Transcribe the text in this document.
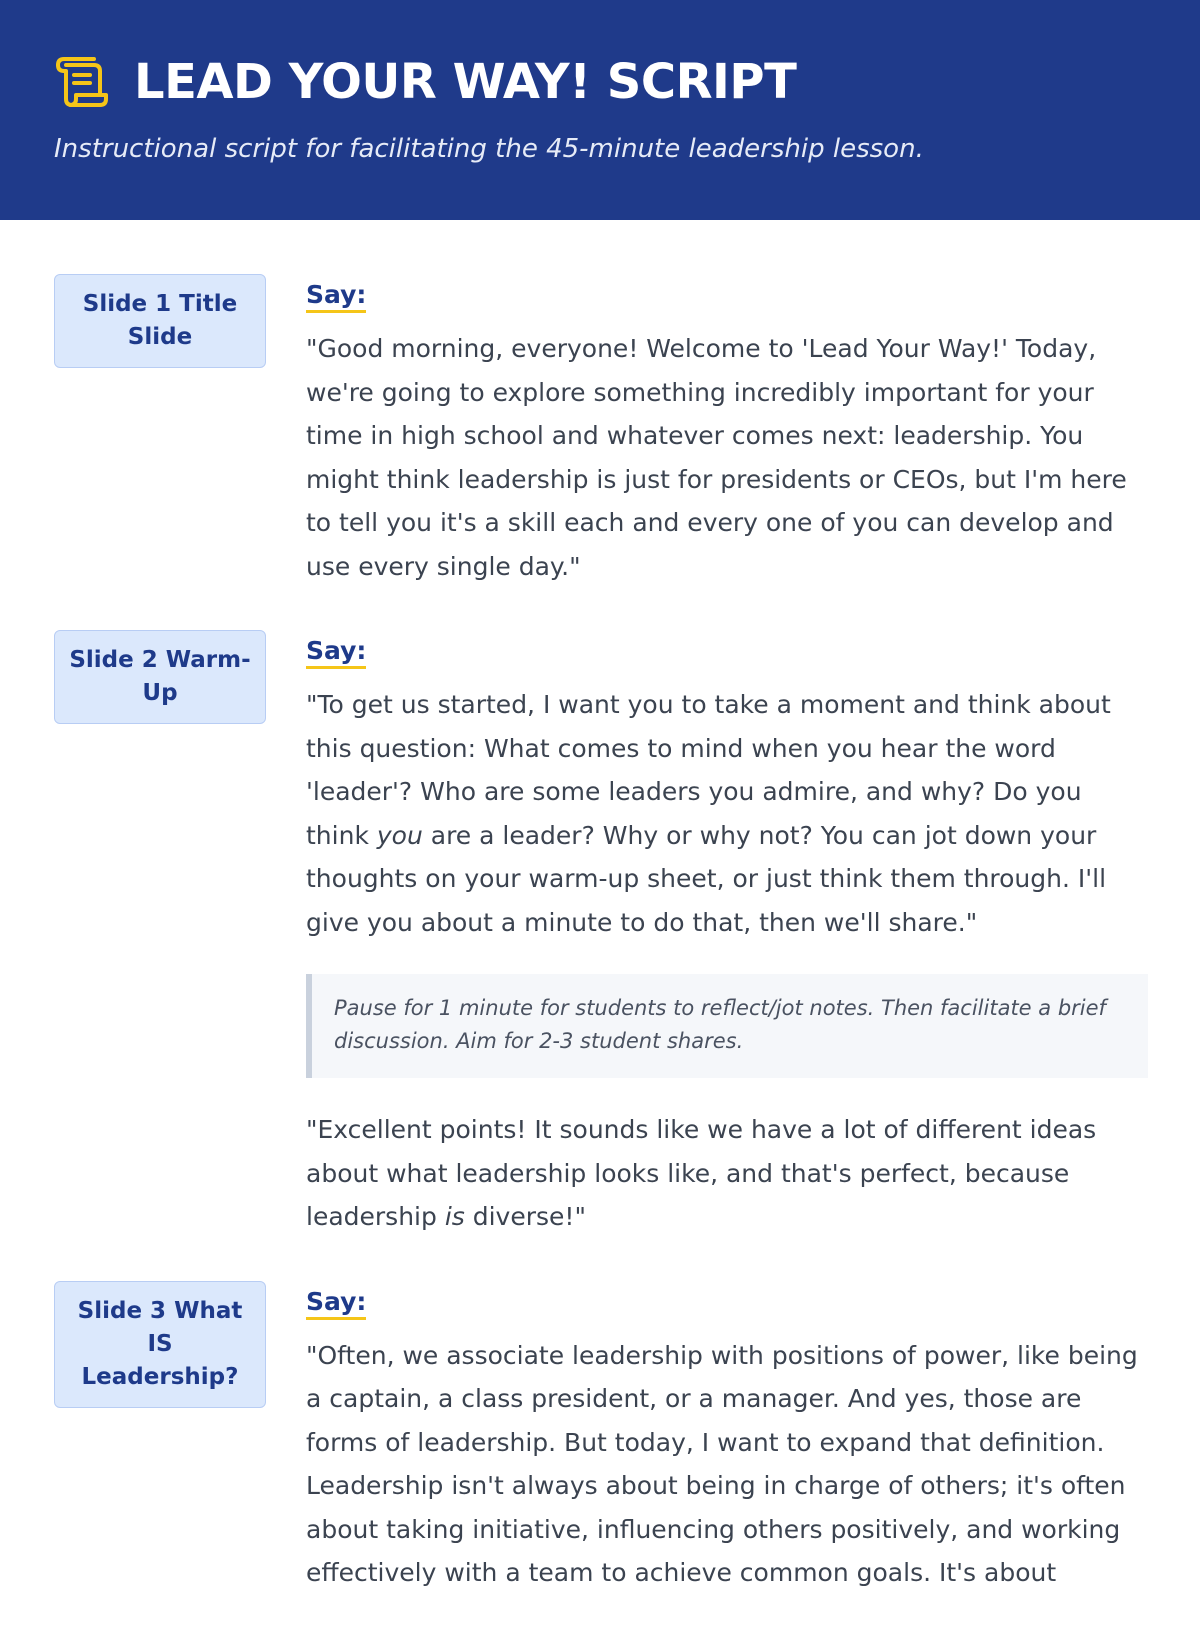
LEAD YOUR WAY! SCRIPT
Instructional script for facilitating the 45-minute leadership lesson.
Slide 1 Title Slide
Say:

"Good morning, everyone! Welcome to 'Lead Your Way!' Today, we're going to explore something incredibly important for your time in high school and whatever comes next: leadership. You might think leadership is just for presidents or CEOs, but I'm here to tell you it's a skill each and every one of you can develop and use every single day."

Slide 2 Warm-Up
Say:

"To get us started, I want you to take a moment and think about this question: What comes to mind when you hear the word 'leader'? Who are some leaders you admire, and why? Do you think you are a leader? Why or why not? You can jot down your thoughts on your warm-up sheet, or just think them through. I'll give you about a minute to do that, then we'll share."

Pause for 1 minute for students to reflect/jot notes. Then facilitate a brief discussion. Aim for 2-3 student shares.

"Excellent points! It sounds like we have a lot of different ideas about what leadership looks like, and that's perfect, because leadership is diverse!"

Slide 3 What IS Leadership?
Say:

"Often, we associate leadership with positions of power, like being a captain, a class president, or a manager. And yes, those are forms of leadership. But today, I want to expand that definition. Leadership isn't always about being in charge of others; it's often about taking initiative, influencing others positively, and working effectively with a team to achieve common goals. It's about
